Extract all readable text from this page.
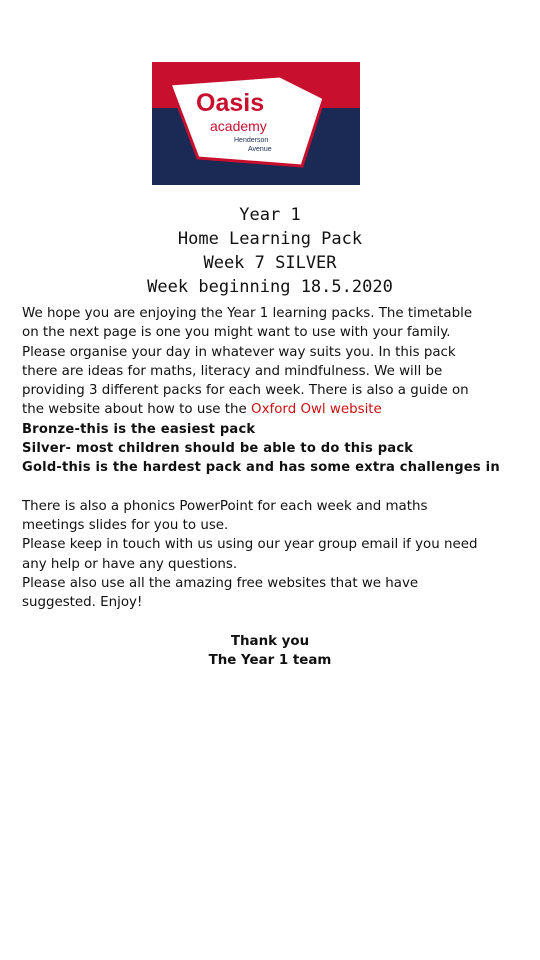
Oasis
academy
Henderson
Avenue
Year 1
Home Learning Pack
Week 7 SILVER
Week beginning 18.5.2020

We hope you are enjoying the Year 1 learning packs. The timetable

on the next page is one you might want to use with your family.

Please organise your day in whatever way suits you. In this pack

there are ideas for maths, literacy and mindfulness. We will be

providing 3 different packs for each week. There is also a guide on

the website about how to use the Oxford Owl website

Bronze-this is the easiest pack

Silver- most children should be able to do this pack

Gold-this is the hardest pack and has some extra challenges in

There is also a phonics PowerPoint for each week and maths

meetings slides for you to use.

Please keep in touch with us using our year group email if you need

any help or have any questions.

Please also use all the amazing free websites that we have

suggested. Enjoy!

Thank you
The Year 1 team
